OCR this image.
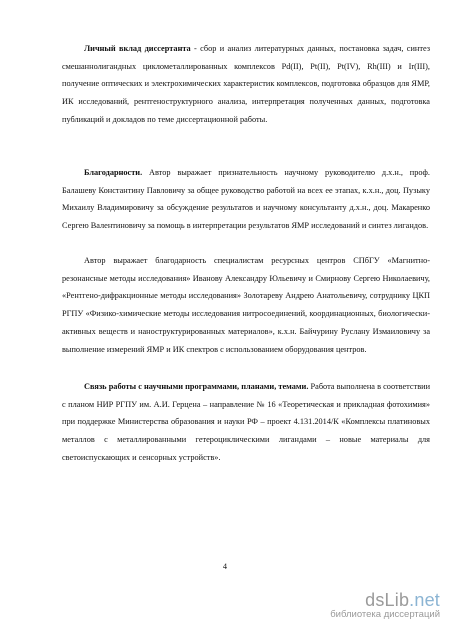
Личный вклад диссертанта - сбор и анализ литературных данных, постановка задач, синтез смешаннолигандных циклометаллированных комплексов Pd(II), Pt(II), Pt(IV), Rh(III) и Ir(III), получение оптических и электрохимических характеристик комплексов, подготовка образцов для ЯМР, ИК исследований, рентгеноструктурного анализа, интерпретация полученных данных, подготовка публикаций и докладов по теме диссертационной работы.

Благодарности. Автор выражает признательность научному руководителю д.х.н., проф. Балашеву Константину Павловичу за общее руководство работой на всех ее этапах, к.х.н., доц. Пузыку Михаилу Владимировичу за обсуждение результатов и научному консультанту д.х.н., доц. Макаренко Сергею Валентиновичу за помощь в интерпретации результатов ЯМР исследований и синтез лигандов.

Автор выражает благодарность специалистам ресурсных центров СПбГУ «Магнитно-резонансные методы исследования» Иванову Александру Юльевичу и Смирнову Сергею Николаевичу, «Рентгено-дифракционные методы исследования» Золотареву Андрею Анатольевичу, сотруднику ЦКП РГПУ «Физико-химические методы исследования нитросоединений, координационных, биологически-активных веществ и наноструктурированных материалов», к.х.н. Байчурину Руслану Измаиловичу за выполнение измерений ЯМР и ИК спектров с использованием оборудования центров.

Связь работы с научными программами, планами, темами. Работа выполнена в соответствии с планом НИР РГПУ им. А.И. Герцена – направление № 16 «Теоретическая и прикладная фотохимия» при поддержке Министерства образования и науки РФ – проект 4.131.2014/К «Комплексы платиновых металлов с металлированными гетероциклическими лигандами – новые материалы для светоиспускающих и сенсорных устройств».

4
dsLib.net
библиотека диссертаций
